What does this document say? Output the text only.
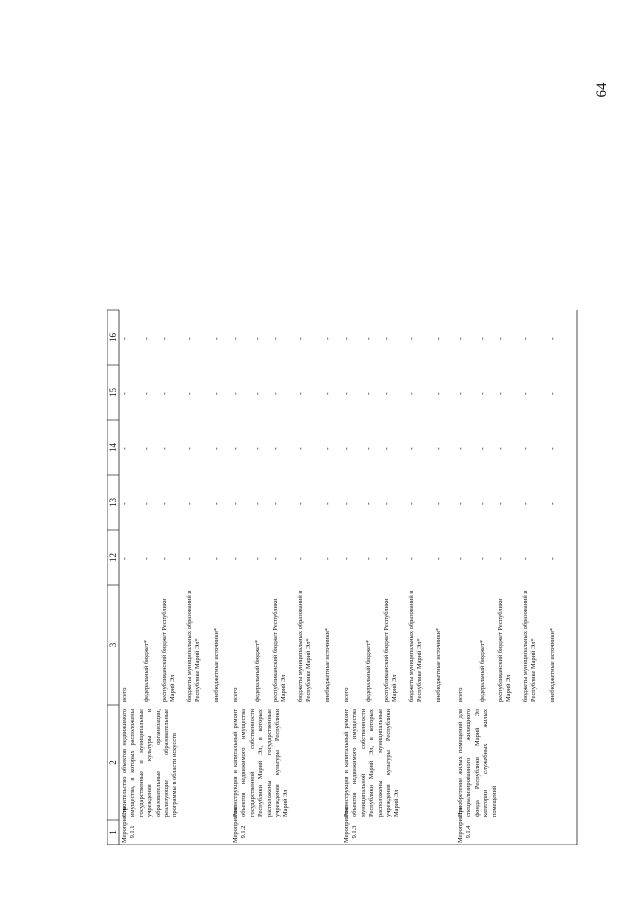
64
1
2
3
12
13
14
15
16
Мероприятие 9.1.1
Строительство объектов недвижимого имущества, в которых расположены государственные и муниципальные учреждения культуры и образовательные организации, реализующие образовательные программы в области искусств
всего
-
-
-
-
-
федеральный бюджет*
-
-
-
-
-
республиканский бюджет Республики Марий Эл
-
-
-
-
-
бюджеты муниципальных образований в Республике Марий Эл*
-
-
-
-
-
внебюджетные источники*
-
-
-
-
-
Мероприятие 9.1.2
Реконструкция и капитальный ремонт объектов недвижимого имущества государственной собственности Республики Марий Эл, в которых расположены государственные учреждения культуры Республики Марий Эл
всего
-
-
-
-
-
федеральный бюджет*
-
-
-
-
-
республиканский бюджет Республики Марий Эл
-
-
-
-
-
бюджеты муниципальных образований в Республике Марий Эл*
-
-
-
-
-
внебюджетные источники*
-
-
-
-
-
Мероприятие 9.1.3
Реконструкция и капитальный ремонт объектов недвижимого имущества муниципальной собственности Республики Марий Эл, в которых расположены муниципальные учреждения культуры Республики Марий Эл
всего
-
-
-
-
-
федеральный бюджет*
-
-
-
-
-
республиканский бюджет Республики Марий Эл
-
-
-
-
-
бюджеты муниципальных образований в Республике Марий Эл*
-
-
-
-
-
внебюджетные источники*
-
-
-
-
-
Мероприятие 9.1.4
Приобретение жилых помещений для специализированного жилищного фонда Республики Марий Эл категории служебных жилых помещений
всего
-
-
-
-
-
федеральный бюджет*
-
-
-
-
-
республиканский бюджет Республики Марий Эл
-
-
-
-
-
бюджеты муниципальных образований в Республике Марий Эл*
-
-
-
-
-
внебюджетные источники*
-
-
-
-
-
